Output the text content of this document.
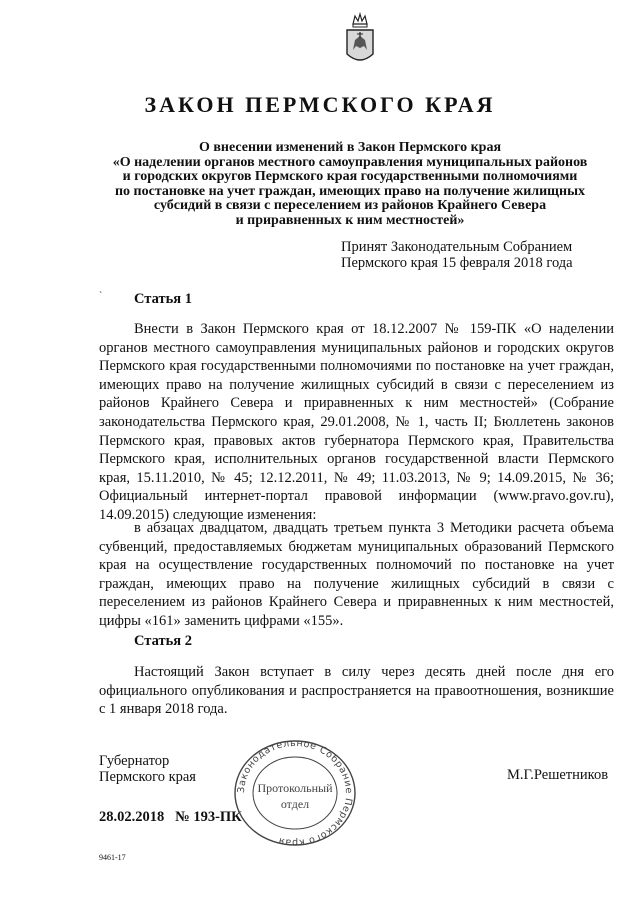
ЗАКОН ПЕРМСКОГО КРАЯ
О внесении изменений в Закон Пермского края
«О наделении органов местного самоуправления муниципальных районов
и городских округов Пермского края государственными полномочиями
по постановке на учет граждан, имеющих право на получение жилищных
субсидий в связи с переселением из районов Крайнего Севера
и приравненных к ним местностей»
Принят Законодательным Собранием
Пермского края 15 февраля 2018 года
` Статья 1

Внести в Закон Пермского края от 18.12.2007 № 159-ПК «О наделении органов местного самоуправления муниципальных районов и городских округов Пермского края государственными полномочиями по постановке на учет граждан, имеющих право на получение жилищных субсидий в связи с переселением из районов Крайнего Севера и приравненных к ним местностей» (Собрание законодательства Пермского края, 29.01.2008, № 1, часть II; Бюллетень законов Пермского края, правовых актов губернатора Пермского края, Правительства Пермского края, исполнительных органов государственной власти Пермского края, 15.11.2010, № 45; 12.12.2011, № 49; 11.03.2013, № 9; 14.09.2015, № 36; Официальный интернет-портал правовой информации (www.pravo.gov.ru), 14.09.2015) следующие изменения:

в абзацах двадцатом, двадцать третьем пункта 3 Методики расчета объема субвенций, предоставляемых бюджетам муниципальных образований Пермского края на осуществление государственных полномочий по постановке на учет граждан, имеющих право на получение жилищных субсидий в связи с переселением из районов Крайнего Севера и приравненных к ним местностей, цифры «161» заменить цифрами «155».

Статья 2

Настоящий Закон вступает в силу через десять дней после дня его официального опубликования и распространяется на правоотношения, возникшие с 1 января 2018 года.

Губернатор
Пермского края	М.Г.Решетников
28.02.2018   № 193-ПК
9461-17
Законодательное Собрание Пермского края
Протокольный
отдел
